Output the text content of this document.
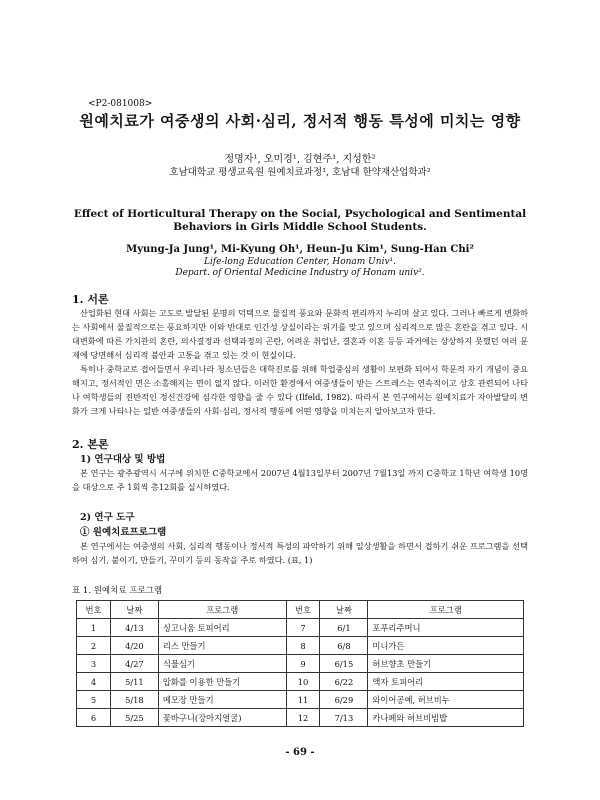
<P2-081008>
원예치료가 여중생의 사회·심리, 정서적 행동 특성에 미치는 영향
정명자¹, 오미경¹, 김현주¹, 지성한²
호남대학교 평생교육원 원예치료과정¹, 호남대 한약재산업학과²
Effect of Horticultural Therapy on the Social, Psychological and Sentimental Behaviors in Girls Middle School Students.
Myung-Ja Jung¹, Mi-Kyung Oh¹, Heun-Ju Kim¹, Sung-Han Chi²
Life-long Education Center, Honam Univ¹.
Depart. of Oriental Medicine Industry of Honam univ².
1. 서론
산업화된 현대 사회는 고도로 발달된 문명의 덕택으로 물질적 풍요와 문화적 편리까지 누리며 살고 있다. 그러나 빠르게 변화하는 사회에서 물질적으로는 풍요하지만 이와 반대로 인간성 상실이라는 위기를 맞고 있으며 심리적으로 많은 혼란을 겪고 있다. 시대변화에 따른 가치관의 혼란, 의사결정과 선택과정의 곤란, 어려운 취업난, 결혼과 이혼 등등 과거에는 상상하지 못했던 여러 문제에 당면해서 심리적 불안과 고통을 겪고 있는 것 이 현실이다.
특히나 중학교로 접어들면서 우리나라 청소년들은 대학진로를 위해 학업중심의 생활이 보편화 되어서 학문적 자기 개념이 중요해지고, 정서적인 면은 소홀해지는 면이 없지 않다. 이러한 환경에서 여중생들이 받는 스트레스는 연속적이고 상호 관련되어 나타나 여학생들의 전반적인 정신건강에 심각한 영향을 줄 수 있다 (Ilfeld, 1982). 따라서 본 연구에서는 원예치료가 자아발달의 변화가 크게 나타나는 일반 여중생들의 사회·심리, 정서적 행동에 어떤 영향을 미치는지 알아보고자 한다.
2. 본론
1) 연구대상 및 방법
본 연구는 광주광역시 서구에 위치한 C중학교에서 2007년 4월13일부터 2007년 7월13일 까지 C중학교 1학년 여학생 10명을 대상으로 주 1회씩 총12회를 실시하였다.
2) 연구 도구
① 원예치료프로그램
본 연구에서는 여중생의 사회, 심리적 행동이나 정서적 특성의 파악하기 위해 일상생활을 하면서 접하기 쉬운 프로그램을 선택하여 심기, 붙이기, 만들기, 꾸미기 등의 동작을 주로 하였다. (표, 1)
표 1. 원예치료 프로그램
번호	날짜	프로그램	번호	날짜	프로그램
1	4/13	싱고니움 토피어리	7	6/1	포푸리주머니
2	4/20	리스 만들기	8	6/8	미니가든
3	4/27	식물심기	9	6/15	허브향초 만들기
4	5/11	압화를 이용한 만들기	10	6/22	액자 토피어리
5	5/18	메모장 만들기	11	6/29	와이어공예, 허브비누
6	5/25	꽃바구니(강아지얼굴)	12	7/13	카나페와 허브비빔밥
- 69 -
